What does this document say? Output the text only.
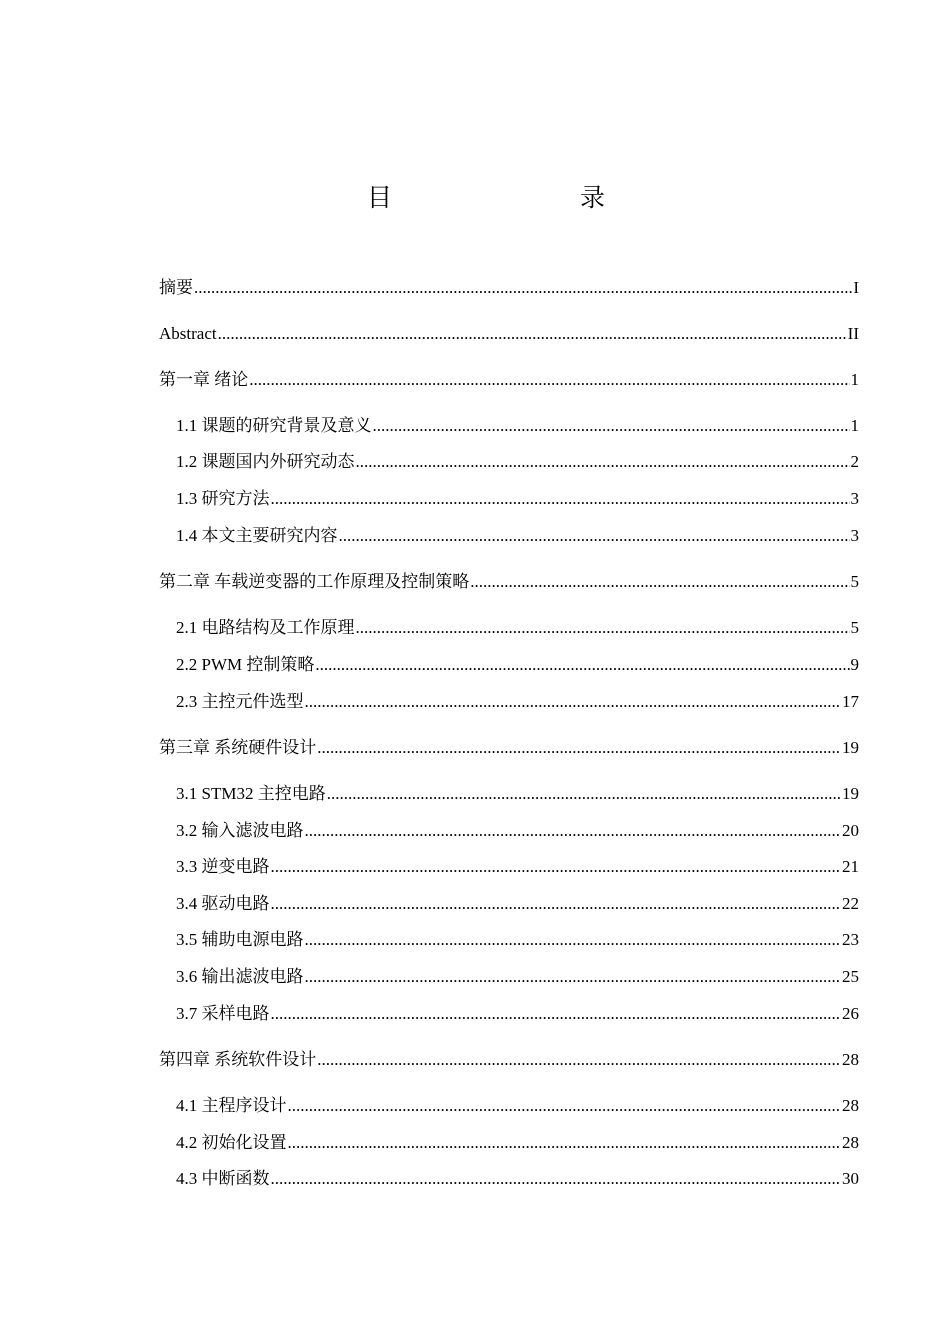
目　　录
摘要 .....	I
Abstract .....	II
第一章 绪论 .....	1
1.1 课题的研究背景及意义 .....	1
1.2 课题国内外研究动态 .....	2
1.3 研究方法 .....	3
1.4 本文主要研究内容 .....	3
第二章 车载逆变器的工作原理及控制策略 .....	5
2.1 电路结构及工作原理 .....	5
2.2 PWM 控制策略 .....	9
2.3 主控元件选型 .....	17
第三章 系统硬件设计 .....	19
3.1 STM32 主控电路 .....	19
3.2 输入滤波电路 .....	20
3.3 逆变电路 .....	21
3.4 驱动电路 .....	22
3.5 辅助电源电路 .....	23
3.6 输出滤波电路 .....	25
3.7 采样电路 .....	26
第四章 系统软件设计 .....	28
4.1 主程序设计 .....	28
4.2 初始化设置 .....	28
4.3 中断函数 .....	30
